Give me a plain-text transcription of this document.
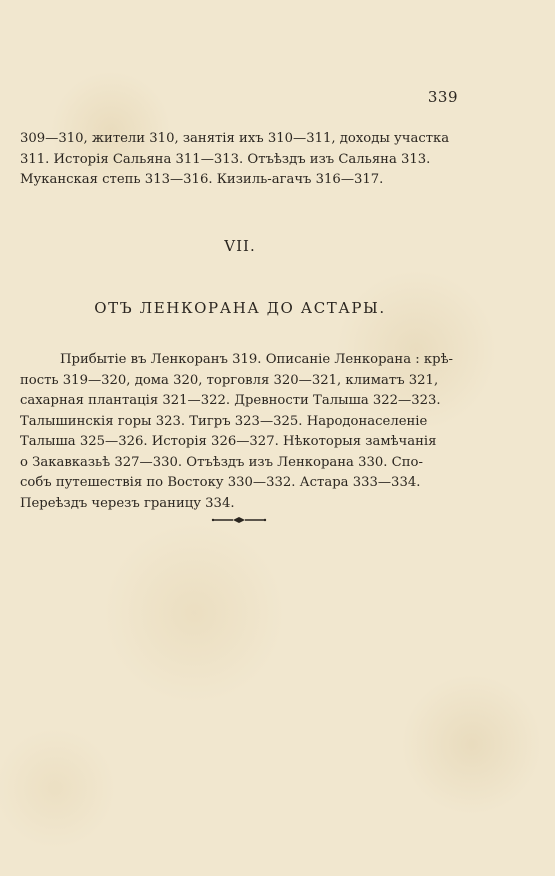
339
309—310, жители 310, занятія ихъ 310—311, доходы участка
311. Исторія Сальяна 311—313. Отъѣздъ изъ Сальяна 313.
Муканская степь 313—316. Кизиль-агачъ 316—317.
VII.
ОТЪ ЛЕНКОРАНА ДО АСТАРЫ.
Прибытіе въ Ленкоранъ 319. Описаніе Ленкорана : крѣ-
пость 319—320, дома 320, торговля 320—321, климатъ 321,
сахарная плантація 321—322. Древности Талыша 322—323.
Талышинскія горы 323. Тигръ 323—325. Народонаселеніе
Талыша 325—326. Исторія 326—327. Нѣкоторыя замѣчанія
о Закавказьѣ 327—330. Отъѣздъ изъ Ленкорана 330. Спо-
собъ путешествія по Востоку 330—332. Астара 333—334.
Переѣздъ черезъ границу 334.
